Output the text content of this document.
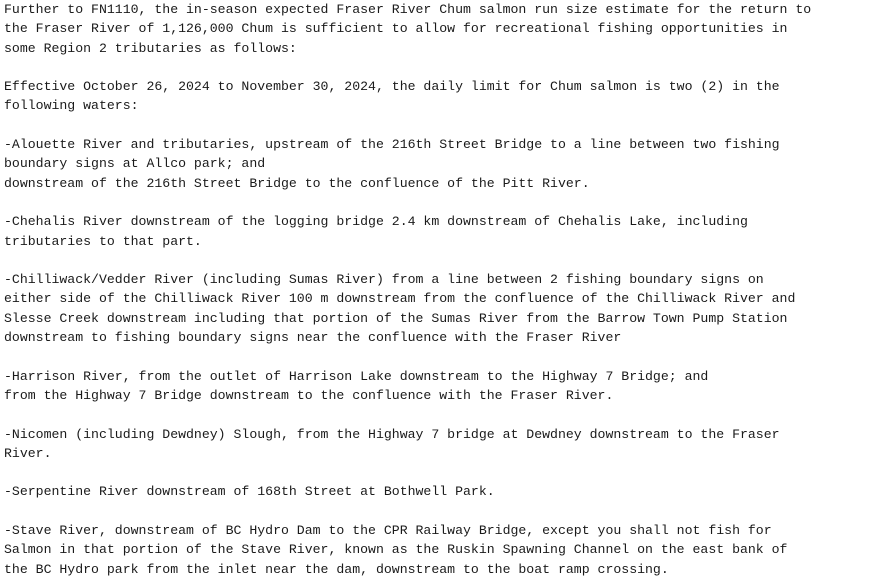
Further to FN1110, the in-season expected Fraser River Chum salmon run size estimate for the return to
the Fraser River of 1,126,000 Chum is sufficient to allow for recreational fishing opportunities in
some Region 2 tributaries as follows:
Effective October 26, 2024 to November 30, 2024, the daily limit for Chum salmon is two (2) in the
following waters:
-Alouette River and tributaries, upstream of the 216th Street Bridge to a line between two fishing
boundary signs at Allco park; and
downstream of the 216th Street Bridge to the confluence of the Pitt River.
-Chehalis River downstream of the logging bridge 2.4 km downstream of Chehalis Lake, including
tributaries to that part.
-Chilliwack/Vedder River (including Sumas River) from a line between 2 fishing boundary signs on
either side of the Chilliwack River 100 m downstream from the confluence of the Chilliwack River and
Slesse Creek downstream including that portion of the Sumas River from the Barrow Town Pump Station
downstream to fishing boundary signs near the confluence with the Fraser River
-Harrison River, from the outlet of Harrison Lake downstream to the Highway 7 Bridge; and
from the Highway 7 Bridge downstream to the confluence with the Fraser River.
-Nicomen (including Dewdney) Slough, from the Highway 7 bridge at Dewdney downstream to the Fraser
River.
-Serpentine River downstream of 168th Street at Bothwell Park.
-Stave River, downstream of BC Hydro Dam to the CPR Railway Bridge, except you shall not fish for
Salmon in that portion of the Stave River, known as the Ruskin Spawning Channel on the east bank of
the BC Hydro park from the inlet near the dam, downstream to the boat ramp crossing.
